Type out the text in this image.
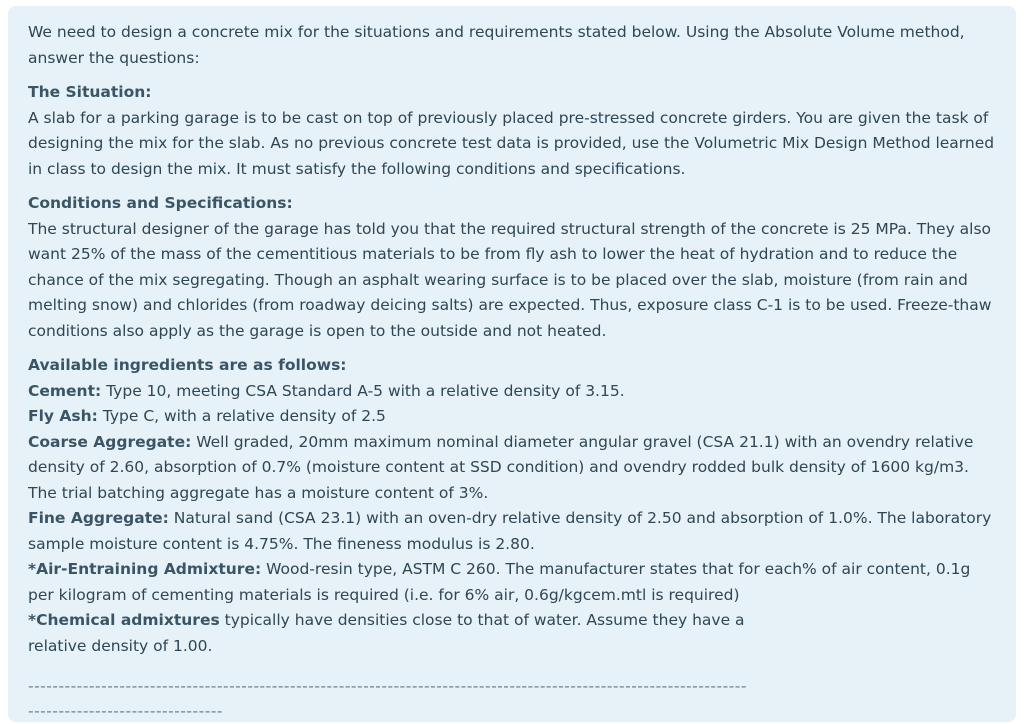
We need to design a concrete mix for the situations and requirements stated below. Using the Absolute Volume method, answer the questions:

The Situation:
A slab for a parking garage is to be cast on top of previously placed pre-stressed concrete girders. You are given the task of designing the mix for the slab. As no previous concrete test data is provided, use the Volumetric Mix Design Method learned in class to design the mix. It must satisfy the following conditions and specifications.
Conditions and Specifications:
The structural designer of the garage has told you that the required structural strength of the concrete is 25 MPa. They also want 25% of the mass of the cementitious materials to be from fly ash to lower the heat of hydration and to reduce the chance of the mix segregating. Though an asphalt wearing surface is to be placed over the slab, moisture (from rain and melting snow) and chlorides (from roadway deicing salts) are expected. Thus, exposure class C-1 is to be used. Freeze-thaw conditions also apply as the garage is open to the outside and not heated.
Available ingredients are as follows:
Cement: Type 10, meeting CSA Standard A-5 with a relative density of 3.15.
Fly Ash: Type C, with a relative density of 2.5
Coarse Aggregate: Well graded, 20mm maximum nominal diameter angular gravel (CSA 21.1) with an ovendry relative density of 2.60, absorption of 0.7% (moisture content at SSD condition) and ovendry rodded bulk density of 1600 kg/m3. The trial batching aggregate has a moisture content of 3%.
Fine Aggregate: Natural sand (CSA 23.1) with an oven-dry relative density of 2.50 and absorption of 1.0%. The laboratory sample moisture content is 4.75%. The fineness modulus is 2.80.
*Air-Entraining Admixture: Wood-resin type, ASTM C 260. The manufacturer states that for each% of air content, 0.1g per kilogram of cementing materials is required (i.e. for 6% air, 0.6g/kgcem.mtl is required)
*Chemical admixtures typically have densities close to that of water. Assume they have a
relative density of 1.00.
----------------------------------------------------------------------------------------------------------------------
--------------------------------
